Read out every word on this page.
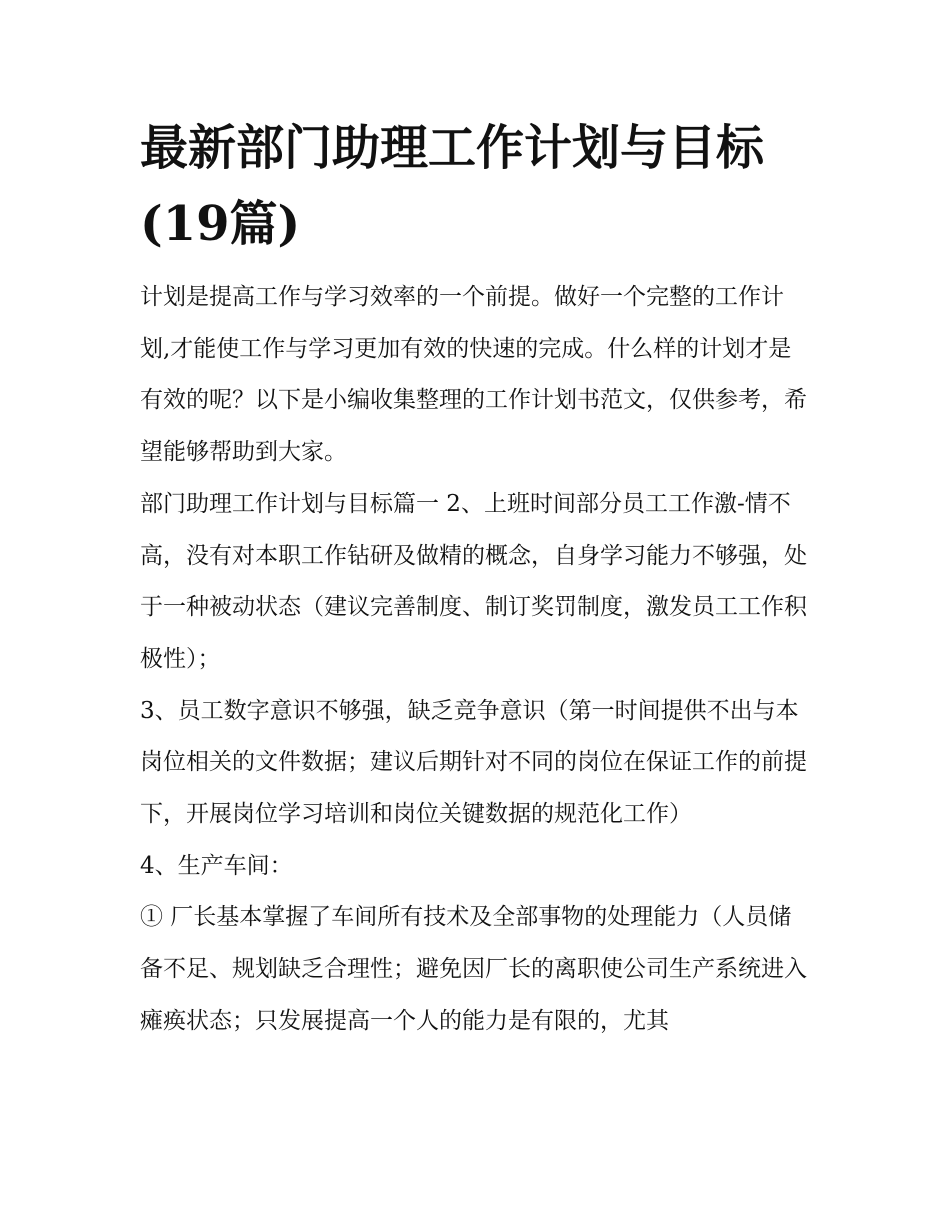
最新部门助理工作计划与目标(19篇)

计划是提高工作与学习效率的一个前提。做好一个完整的工作计划,才能使工作与学习更加有效的快速的完成。什么样的计划才是有效的呢？以下是小编收集整理的工作计划书范文，仅供参考，希望能够帮助到大家。

部门助理工作计划与目标篇一 2、上班时间部分员工工作激-情不高，没有对本职工作钻研及做精的概念，自身学习能力不够强，处于一种被动状态（建议完善制度、制订奖罚制度，激发员工工作积极性）；

3、员工数字意识不够强，缺乏竞争意识（第一时间提供不出与本岗位相关的文件数据；建议后期针对不同的岗位在保证工作的前提下，开展岗位学习培训和岗位关键数据的规范化工作）

4、生产车间：

① 厂长基本掌握了车间所有技术及全部事物的处理能力（人员储备不足、规划缺乏合理性；避免因厂长的离职使公司生产系统进入瘫痪状态；只发展提高一个人的能力是有限的，尤其
